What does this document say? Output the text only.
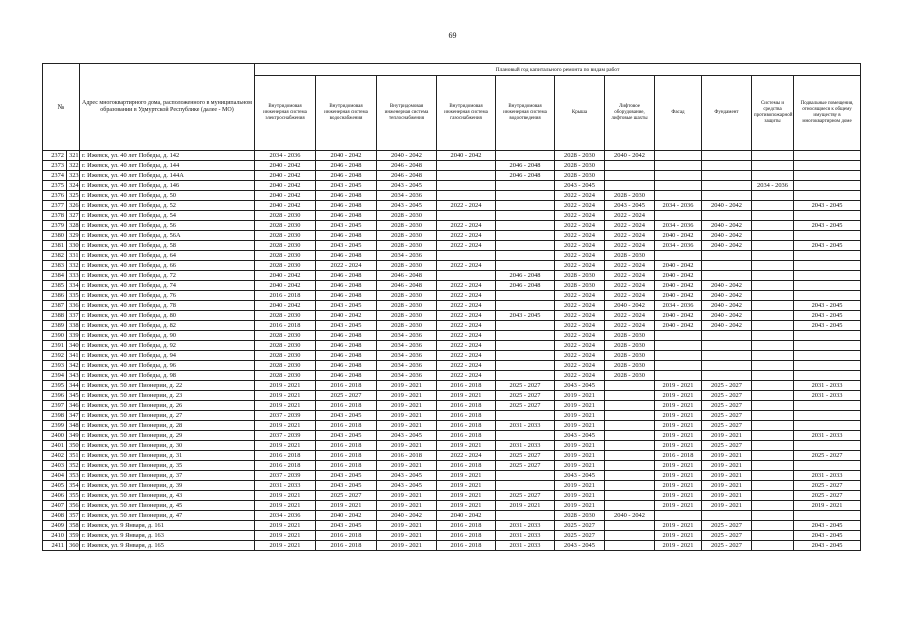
69
№		Адрес многоквартирного дома, расположенного в муниципальном образовании в Удмуртской Республике (далее - МО)	Плановый год капитального ремонта по видам работ										
			Внутридомовая инженерная система электроснабжения	Внутридомовая инженерная система водоснабжения	Внутридомовая инженерная система теплоснабжения	Внутридомовая инженерная система газоснабжения	Внутридомовая инженерная система водоотведения	Крыша	Лифтовое оборудование, лифтовые шахты	Фасад	Фундамент	Системы и средства противопожарной защиты	Подвальные помещения, относящиеся к общему имуществу в многоквартирном доме
2372	321	г. Ижевск, ул. 40 лет Победы, д. 142	2034 - 2036	2040 - 2042	2040 - 2042	2040 - 2042		2028 - 2030	2040 - 2042				
2373	322	г. Ижевск, ул. 40 лет Победы, д. 144	2040 - 2042	2046 - 2048	2046 - 2048		2046 - 2048	2028 - 2030					
2374	323	г. Ижевск, ул. 40 лет Победы, д. 144А	2040 - 2042	2046 - 2048	2046 - 2048		2046 - 2048	2028 - 2030					
2375	324	г. Ижевск, ул. 40 лет Победы, д. 146	2040 - 2042	2043 - 2045	2043 - 2045			2043 - 2045				2034 - 2036	
2376	325	г. Ижевск, ул. 40 лет Победы, д. 50	2040 - 2042	2046 - 2048	2034 - 2036			2022 - 2024	2028 - 2030				
2377	326	г. Ижевск, ул. 40 лет Победы, д. 52	2040 - 2042	2046 - 2048	2043 - 2045	2022 - 2024		2022 - 2024	2043 - 2045	2034 - 2036	2040 - 2042		2043 - 2045
2378	327	г. Ижевск, ул. 40 лет Победы, д. 54	2028 - 2030	2046 - 2048	2028 - 2030			2022 - 2024	2022 - 2024				
2379	328	г. Ижевск, ул. 40 лет Победы, д. 56	2028 - 2030	2043 - 2045	2028 - 2030	2022 - 2024		2022 - 2024	2022 - 2024	2034 - 2036	2040 - 2042		2043 - 2045
2380	329	г. Ижевск, ул. 40 лет Победы, д. 56А	2028 - 2030	2046 - 2048	2028 - 2030	2022 - 2024		2022 - 2024	2022 - 2024	2040 - 2042	2040 - 2042		
2381	330	г. Ижевск, ул. 40 лет Победы, д. 58	2028 - 2030	2043 - 2045	2028 - 2030	2022 - 2024		2022 - 2024	2022 - 2024	2034 - 2036	2040 - 2042		2043 - 2045
2382	331	г. Ижевск, ул. 40 лет Победы, д. 64	2028 - 2030	2046 - 2048	2034 - 2036			2022 - 2024	2028 - 2030				
2383	332	г. Ижевск, ул. 40 лет Победы, д. 66	2028 - 2030	2022 - 2024	2028 - 2030	2022 - 2024		2022 - 2024	2022 - 2024	2040 - 2042			
2384	333	г. Ижевск, ул. 40 лет Победы, д. 72	2040 - 2042	2046 - 2048	2046 - 2048		2046 - 2048	2028 - 2030	2022 - 2024	2040 - 2042			
2385	334	г. Ижевск, ул. 40 лет Победы, д. 74	2040 - 2042	2046 - 2048	2046 - 2048	2022 - 2024	2046 - 2048	2028 - 2030	2022 - 2024	2040 - 2042	2040 - 2042		
2386	335	г. Ижевск, ул. 40 лет Победы, д. 76	2016 - 2018	2046 - 2048	2028 - 2030	2022 - 2024		2022 - 2024	2022 - 2024	2040 - 2042	2040 - 2042		
2387	336	г. Ижевск, ул. 40 лет Победы, д. 78	2040 - 2042	2043 - 2045	2028 - 2030	2022 - 2024		2022 - 2024	2040 - 2042	2034 - 2036	2040 - 2042		2043 - 2045
2388	337	г. Ижевск, ул. 40 лет Победы, д. 80	2028 - 2030	2040 - 2042	2028 - 2030	2022 - 2024	2043 - 2045	2022 - 2024	2022 - 2024	2040 - 2042	2040 - 2042		2043 - 2045
2389	338	г. Ижевск, ул. 40 лет Победы, д. 82	2016 - 2018	2043 - 2045	2028 - 2030	2022 - 2024		2022 - 2024	2022 - 2024	2040 - 2042	2040 - 2042		2043 - 2045
2390	339	г. Ижевск, ул. 40 лет Победы, д. 90	2028 - 2030	2046 - 2048	2034 - 2036	2022 - 2024		2022 - 2024	2028 - 2030				
2391	340	г. Ижевск, ул. 40 лет Победы, д. 92	2028 - 2030	2046 - 2048	2034 - 2036	2022 - 2024		2022 - 2024	2028 - 2030				
2392	341	г. Ижевск, ул. 40 лет Победы, д. 94	2028 - 2030	2046 - 2048	2034 - 2036	2022 - 2024		2022 - 2024	2028 - 2030				
2393	342	г. Ижевск, ул. 40 лет Победы, д. 96	2028 - 2030	2046 - 2048	2034 - 2036	2022 - 2024		2022 - 2024	2028 - 2030				
2394	343	г. Ижевск, ул. 40 лет Победы, д. 98	2028 - 2030	2046 - 2048	2034 - 2036	2022 - 2024		2022 - 2024	2028 - 2030				
2395	344	г. Ижевск, ул. 50 лет Пионерии, д. 22	2019 - 2021	2016 - 2018	2019 - 2021	2016 - 2018	2025 - 2027	2043 - 2045		2019 - 2021	2025 - 2027		2031 - 2033
2396	345	г. Ижевск, ул. 50 лет Пионерии, д. 23	2019 - 2021	2025 - 2027	2019 - 2021	2019 - 2021	2025 - 2027	2019 - 2021		2019 - 2021	2025 - 2027		2031 - 2033
2397	346	г. Ижевск, ул. 50 лет Пионерии, д. 26	2019 - 2021	2016 - 2018	2019 - 2021	2016 - 2018	2025 - 2027	2019 - 2021		2019 - 2021	2025 - 2027		
2398	347	г. Ижевск, ул. 50 лет Пионерии, д. 27	2037 - 2039	2043 - 2045	2019 - 2021	2016 - 2018		2019 - 2021		2019 - 2021	2025 - 2027		
2399	348	г. Ижевск, ул. 50 лет Пионерии, д. 28	2019 - 2021	2016 - 2018	2019 - 2021	2016 - 2018	2031 - 2033	2019 - 2021		2019 - 2021	2025 - 2027		
2400	349	г. Ижевск, ул. 50 лет Пионерии, д. 29	2037 - 2039	2043 - 2045	2043 - 2045	2016 - 2018		2043 - 2045		2019 - 2021	2019 - 2021		2031 - 2033
2401	350	г. Ижевск, ул. 50 лет Пионерии, д. 30	2019 - 2021	2016 - 2018	2019 - 2021	2019 - 2021	2031 - 2033	2019 - 2021		2019 - 2021	2025 - 2027		
2402	351	г. Ижевск, ул. 50 лет Пионерии, д. 31	2016 - 2018	2016 - 2018	2016 - 2018	2022 - 2024	2025 - 2027	2019 - 2021		2016 - 2018	2019 - 2021		2025 - 2027
2403	352	г. Ижевск, ул. 50 лет Пионерии, д. 35	2016 - 2018	2016 - 2018	2019 - 2021	2016 - 2018	2025 - 2027	2019 - 2021		2019 - 2021	2019 - 2021		
2404	353	г. Ижевск, ул. 50 лет Пионерии, д. 37	2037 - 2039	2043 - 2045	2043 - 2045	2019 - 2021		2043 - 2045		2019 - 2021	2019 - 2021		2031 - 2033
2405	354	г. Ижевск, ул. 50 лет Пионерии, д. 39	2031 - 2033	2043 - 2045	2043 - 2045	2019 - 2021		2019 - 2021		2019 - 2021	2019 - 2021		2025 - 2027
2406	355	г. Ижевск, ул. 50 лет Пионерии, д. 43	2019 - 2021	2025 - 2027	2019 - 2021	2019 - 2021	2025 - 2027	2019 - 2021		2019 - 2021	2019 - 2021		2025 - 2027
2407	356	г. Ижевск, ул. 50 лет Пионерии, д. 45	2019 - 2021	2019 - 2021	2019 - 2021	2019 - 2021	2019 - 2021	2019 - 2021		2019 - 2021	2019 - 2021		2019 - 2021
2408	357	г. Ижевск, ул. 50 лет Пионерии, д. 47	2034 - 2036	2040 - 2042	2040 - 2042	2040 - 2042		2028 - 2030	2040 - 2042				
2409	358	г. Ижевск, ул. 9 Января, д. 161	2019 - 2021	2043 - 2045	2019 - 2021	2016 - 2018	2031 - 2033	2025 - 2027		2019 - 2021	2025 - 2027		2043 - 2045
2410	359	г. Ижевск, ул. 9 Января, д. 163	2019 - 2021	2016 - 2018	2019 - 2021	2016 - 2018	2031 - 2033	2025 - 2027		2019 - 2021	2025 - 2027		2043 - 2045
2411	360	г. Ижевск, ул. 9 Января, д. 165	2019 - 2021	2016 - 2018	2019 - 2021	2016 - 2018	2031 - 2033	2043 - 2045		2019 - 2021	2025 - 2027		2043 - 2045
